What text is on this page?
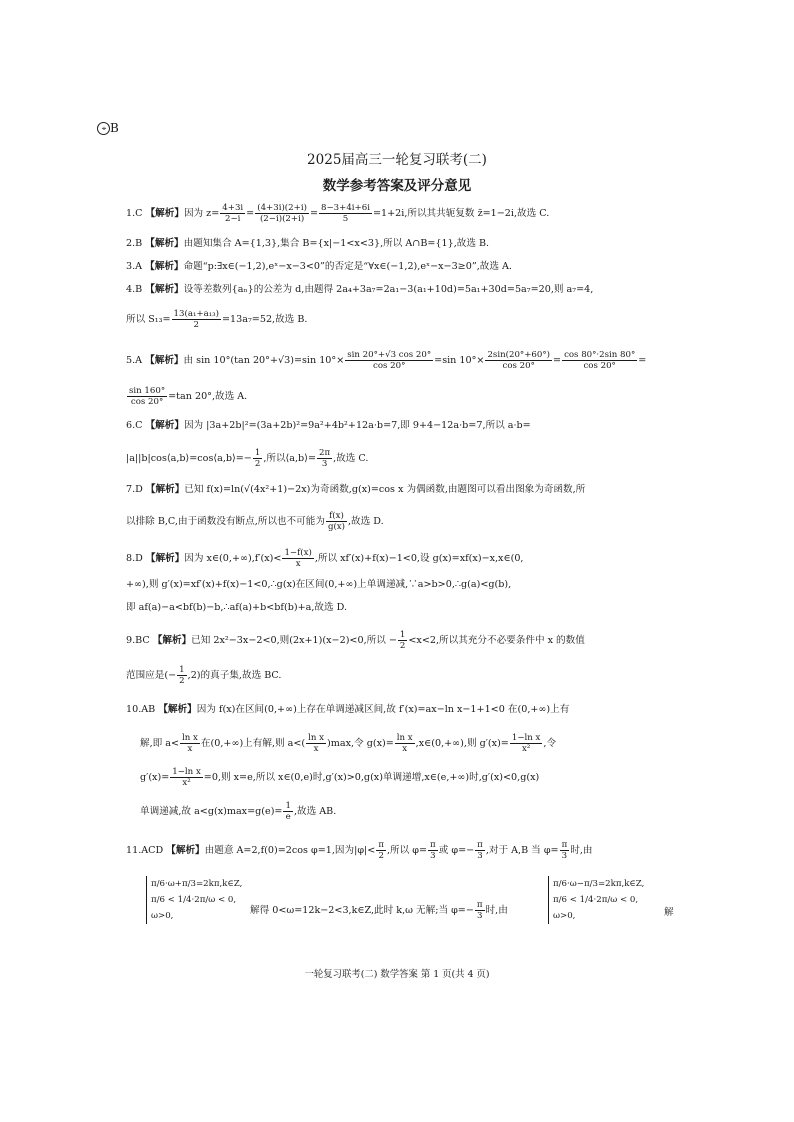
⌖ B
2025届高三一轮复习联考(二)
数学参考答案及评分意见
1.C 【解析】因为 $z= \frac{4+3i}{2-i} = \frac{(4+3i)(2+i)}{(2-i)(2+i)} = \frac{8-3+4i+6i}{5} =1+2i$,所以其共轭复数 z̄=1−2i,故选 C.
2.B 【解析】由题知集合 A={1,3},集合 B={x|−1<x<3},所以 A∩B={1},故选 B.
3.A 【解析】命题“p:∃x∈(−1,2),eˣ−x−3<0”的否定是“∀x∈(−1,2),eˣ−x−3≥0”,故选 A.
4.B 【解析】设等差数列{aₙ}的公差为 d,由题得 2a₄+3a₇=2a₁−3(a₁+10d)=5a₁+30d=5a₇=20,则 a₇=4,
所以 $S_{13}= \frac{\text{13(a₁+a₁₃)}}{2} =13a_7=52$,故选 B.
5.A 【解析】由 sin 10°(tan 20°+√3)=sin $10^\circ\times \frac{\sin 20^\circ+√3 \cos 20^\circ}{\cos 20^\circ} =\sin$ $10^\circ\times \frac{2\sin(20^\circ+60^\circ)}{\cos 20^\circ} = \frac{\cos 80^\circ\cdot 2\sin 80^\circ}{\cos 20^\circ}$ =
$\frac{\sin 160^\circ}{\cos 20^\circ} =\tan$ 20°,故选 A.
6.C 【解析】因为 |3a+2b|²=(3a+2b)²=9a²+4b²+12a·b=7,即 9+4−12a·b=7,所以 a·b=
|a||b|cos⟨a,b⟩=cos⟨a,b⟩=− $\frac{1}{2}$ ,所以⟨a,b⟩= $\frac{2\pi}{3}$ ,故选 C.
7.D 【解析】已知 f(x)=ln(√(4x²+1)−2x)为奇函数,g(x)=cos x 为偶函数,由题图可以看出图象为奇函数,所
以排除 B,C,由于函数没有断点,所以也不可能为 $\frac{f(x)}{g(x)}$ ,故选 D.
8.D 【解析】因为 x∈(0,+∞),f′(x)< $\frac{1-f(x)}{x}$ ,所以 xf′(x)+f(x)−1<0,设 g(x)=xf(x)−x,x∈(0,
+∞),则 g′(x)=xf′(x)+f(x)−1<0,∴g(x)在区间(0,+∞)上单调递减,∵a>b>0,∴g(a)<g(b),
即 af(a)−a<bf(b)−b,∴af(a)+b<bf(b)+a,故选 D.
9.BC 【解析】已知 2x²−3x−2<0,则(2x+1)(x−2)<0,所以 − $\frac{1}{2} <x<2$,所以其充分不必要条件中 x 的数值
范围应是(− $\frac{1}{2} ,2$)的真子集,故选 BC.
10.AB 【解析】因为 f(x)在区间(0,+∞)上存在单调递减区间,故 f′(x)=ax−ln x−1+1<0 在(0,+∞)上有
解,即 $a< \frac{\text{ln x}}{x}$ 在(0,+∞)上有解,则 $a<( \frac{\text{ln x}}{x} )\max$,令 $g(x)= \frac{\text{ln x}}{x}$ ,x∈(0,+∞),则 $g'(x)= \frac{\text{1−ln x}}{\text{x²}}$ ,令
$g'(x)= \frac{\text{1−ln x}}{\text{x²}} =0$,则 x=e,所以 x∈(0,e)时,g′(x)>0,g(x)单调递增,x∈(e,+∞)时,g′(x)<0,g(x)
单调递减,故 $a<g(x)\max=g(e)= \frac{1}{e}$ ,故选 AB.
11.ACD 【解析】由题意 A=2,f(0)=2cos φ=1,因为$|\varphi|< \frac{\pi}{2}$ ,所以 $\varphi= \frac{\pi}{3}$ 或 $\varphi=- \frac{\pi}{3}$ ,对于 A,B 当 $\varphi= \frac{\pi}{3}$ 时,由
π/6·ω+π/3=2kπ,k∈Z,
π/6 < 1/4·2π/ω < 0,
ω>0,	解得 0<ω=12k−2<3,k∈Z,此时 k,ω 无解;当 $\varphi=- \frac{\pi}{3}$ 时,由
π/6·ω−π/3=2kπ,k∈Z,
π/6 < 1/4·2π/ω < 0,
ω>0,	解
一轮复习联考(二) 数学答案 第 1 页(共 4 页)
